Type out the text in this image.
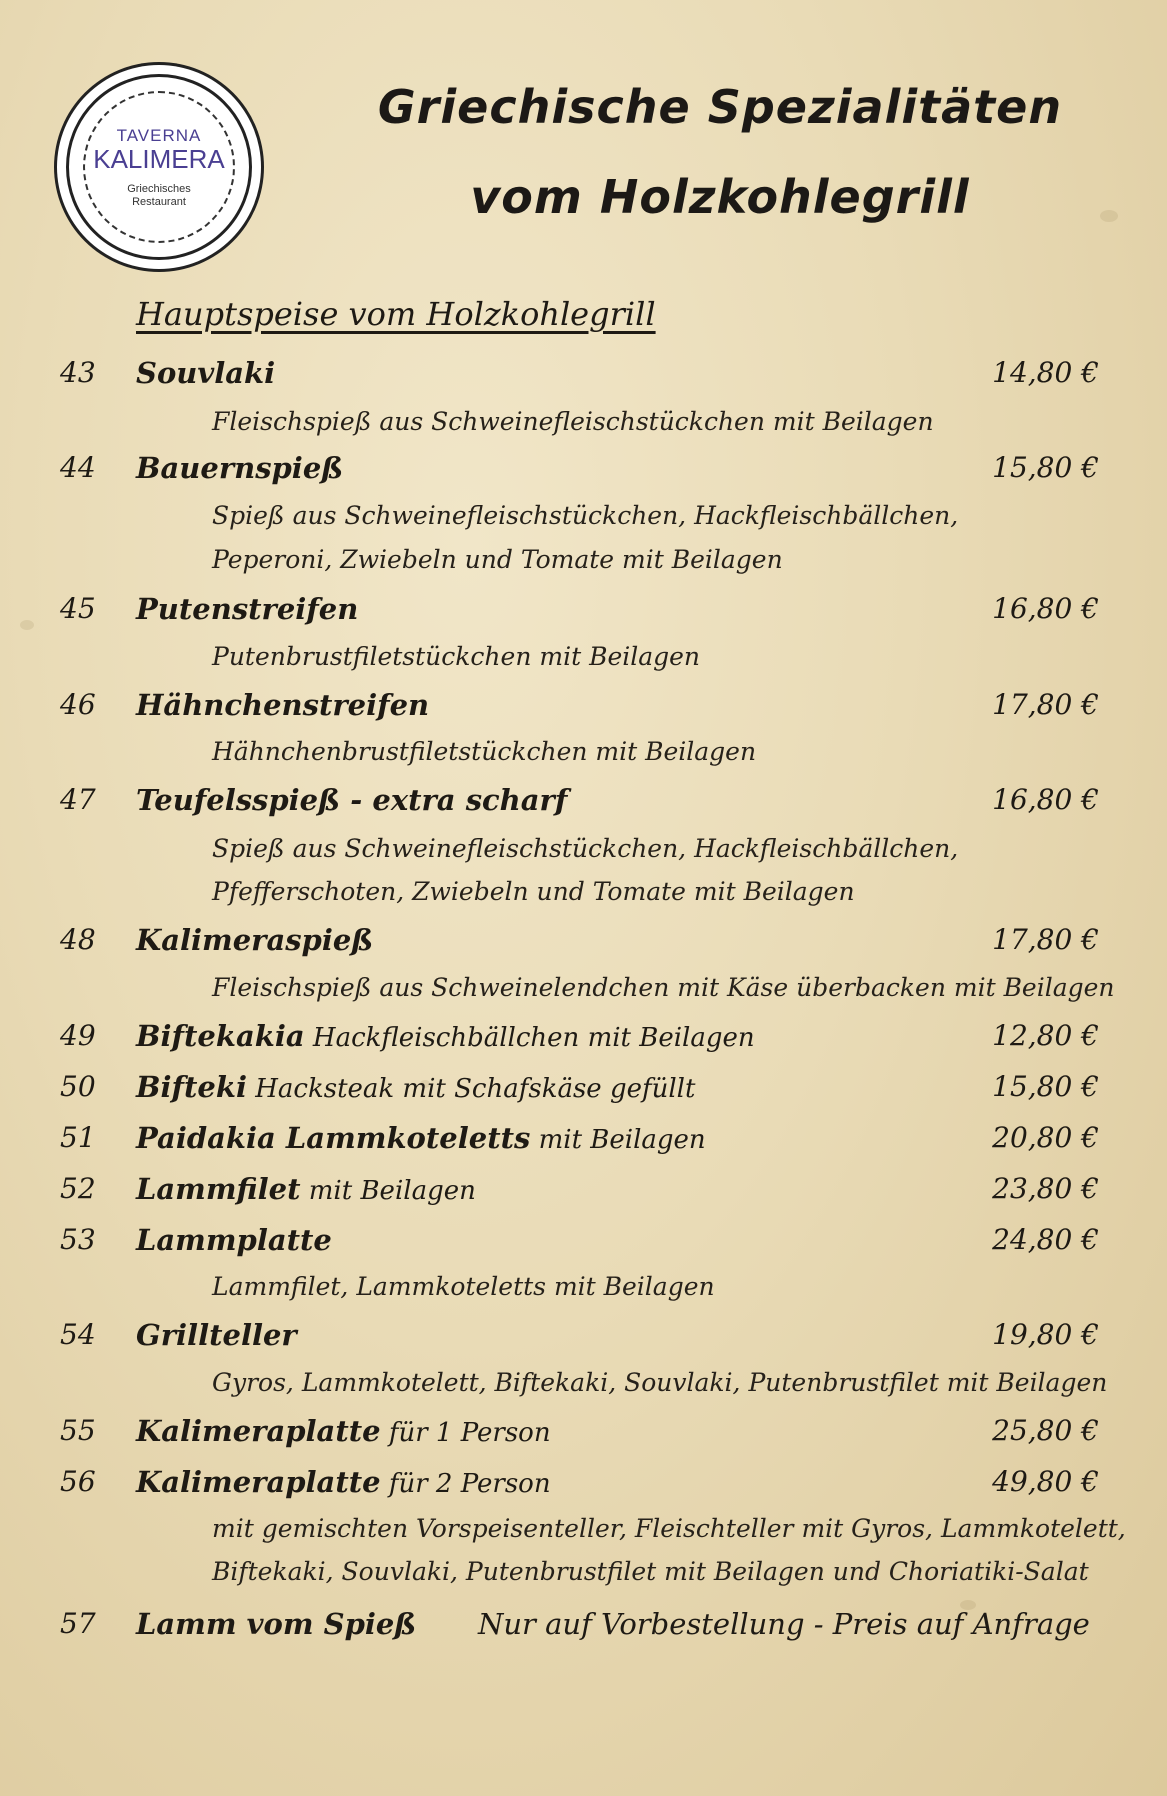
TAVERNA
KALIMERA
Griechisches
Restaurant
Griechische Spezialitäten
vom Holzkohlegrill
Hauptspeise vom Holzkohlegrill
43 Souvlaki	14,80 €
Fleischspieß aus Schweinefleischstückchen mit Beilagen
44 Bauernspieß	15,80 €
Spieß aus Schweinefleischstückchen, Hackfleischbällchen,
Peperoni, Zwiebeln und Tomate mit Beilagen
45 Putenstreifen	16,80 €
Putenbrustfiletstückchen mit Beilagen
46 Hähnchenstreifen	17,80 €
Hähnchenbrustfiletstückchen mit Beilagen
47 Teufelsspieß - extra scharf	16,80 €
Spieß aus Schweinefleischstückchen, Hackfleischbällchen,
Pfefferschoten, Zwiebeln und Tomate mit Beilagen
48 Kalimeraspieß	17,80 €
Fleischspieß aus Schweinelendchen mit Käse überbacken mit Beilagen
49 Biftekakia Hackfleischbällchen mit Beilagen	12,80 €
50 Bifteki Hacksteak mit Schafskäse gefüllt	15,80 €
51 Paidakia Lammkoteletts mit Beilagen	20,80 €
52 Lammfilet mit Beilagen	23,80 €
53 Lammplatte	24,80 €
Lammfilet, Lammkoteletts mit Beilagen
54 Grillteller	19,80 €
Gyros, Lammkotelett, Biftekaki, Souvlaki, Putenbrustfilet mit Beilagen
55 Kalimeraplatte für 1 Person	25,80 €
56 Kalimeraplatte für 2 Person	49,80 €
mit gemischten Vorspeisenteller, Fleischteller mit Gyros, Lammkotelett,
Biftekaki, Souvlaki, Putenbrustfilet mit Beilagen und Choriatiki-Salat
57 Lamm vom Spieß Nur auf Vorbestellung - Preis auf Anfrage
